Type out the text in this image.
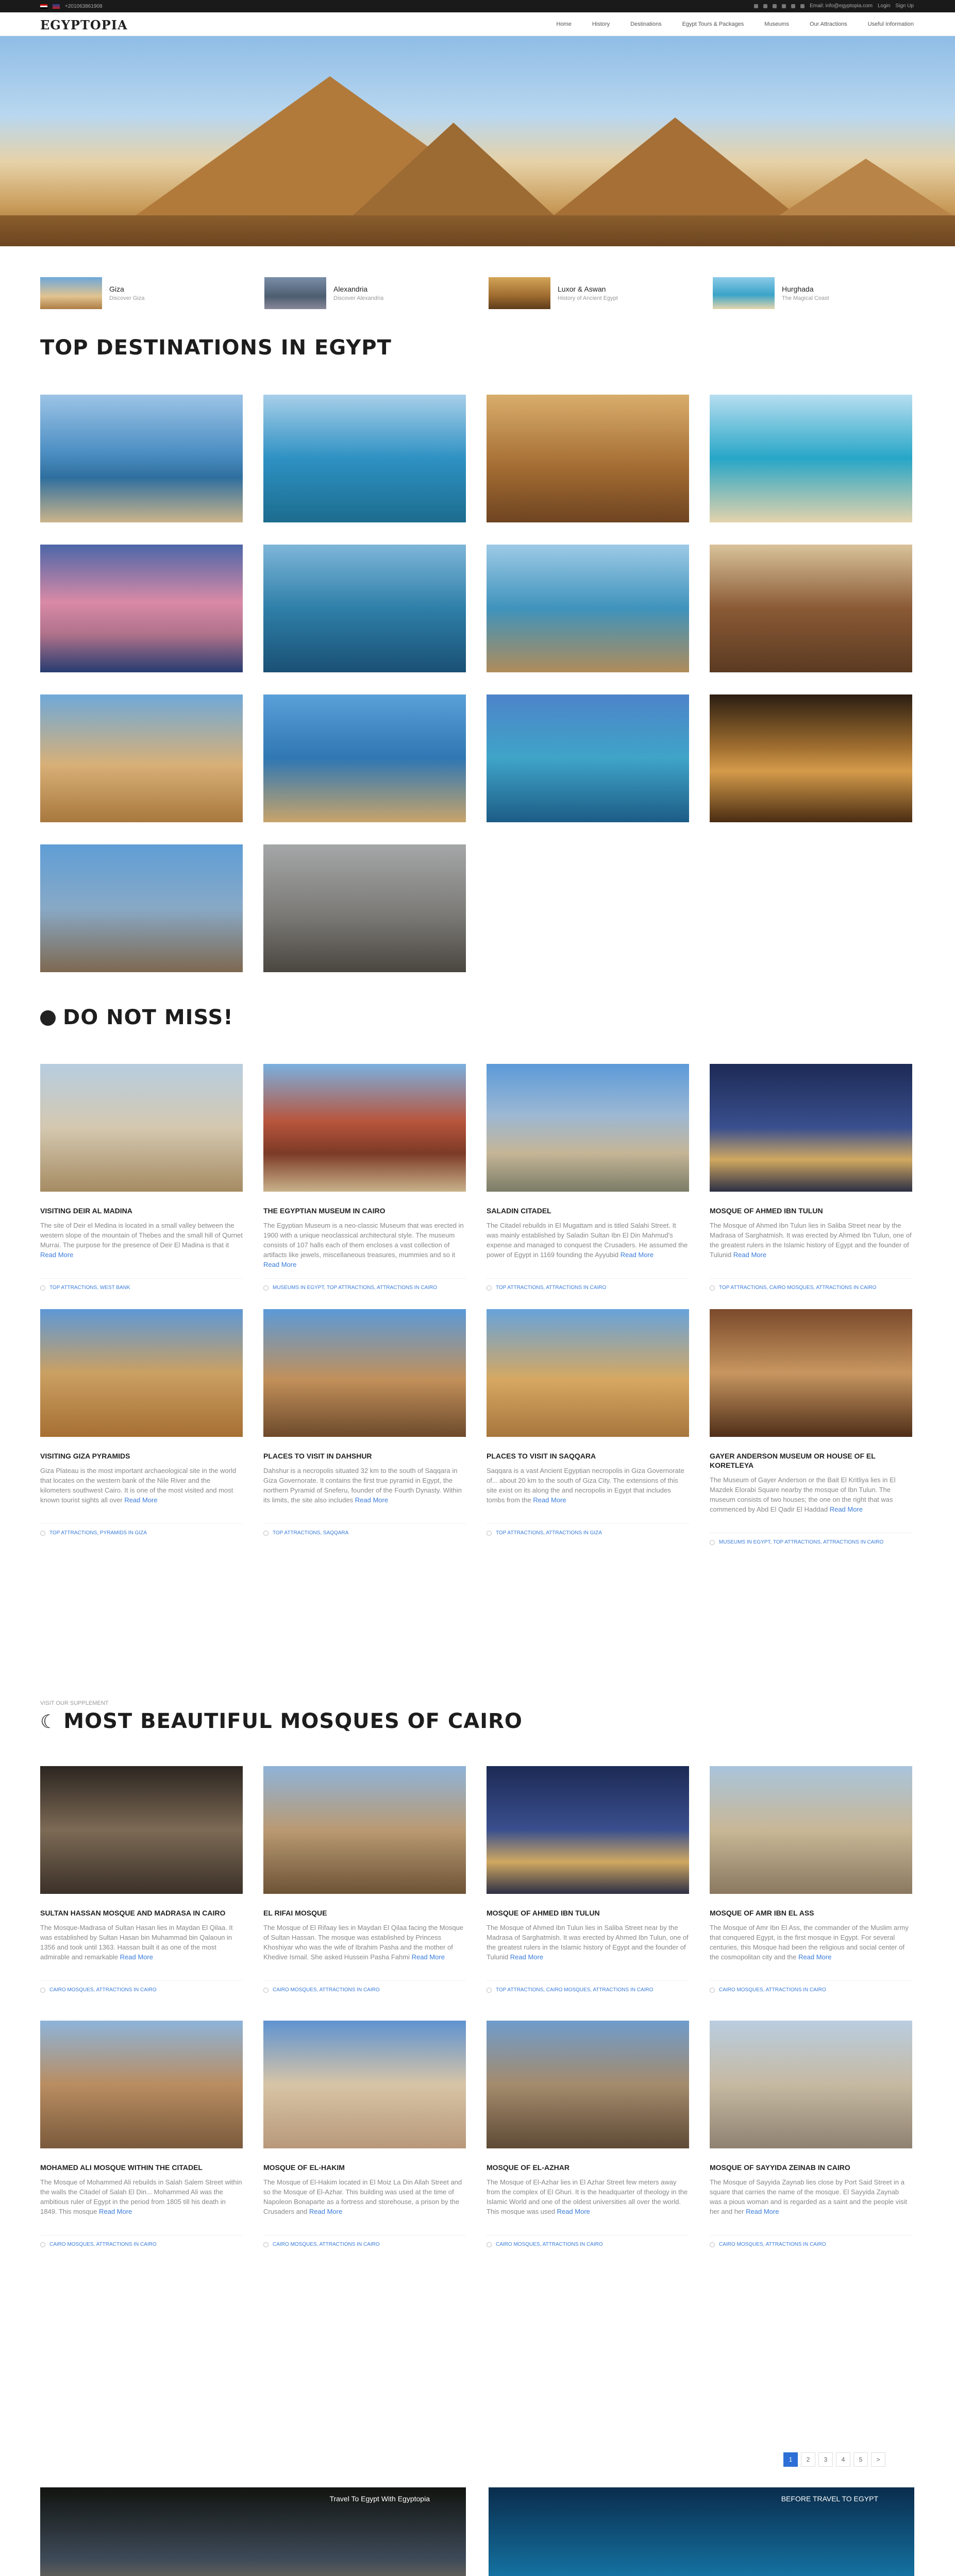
+201063861908	Email: info@egyptopia.com Login Sign Up
EGYPTOPIA	Home	History	Destinations	Egypt Tours & Packages	Museums	Our Attractions	Useful Information
Giza
Discover Giza
Alexandria
Discover Alexandria
Luxor & Aswan
History of Ancient Egypt
Hurghada
The Magical Coast
TOP DESTINATIONS IN EGYPT
DO NOT MISS!
VISITING DEIR AL MADINA

The site of Deir el Medina is located in a small valley between the western slope of the mountain of Thebes and the small hill of Qurnet Murrai. The purpose for the presence of Deir El Madina is that it Read More

TOP ATTRACTIONS, WEST BANK
THE EGYPTIAN MUSEUM IN CAIRO

The Egyptian Museum is a neo-classic Museum that was erected in 1900 with a unique neoclassical architectural style. The museum consists of 107 halls each of them encloses a vast collection of artifacts like jewels, miscellaneous treasures, mummies and so it Read More

MUSEUMS IN EGYPT, TOP ATTRACTIONS, ATTRACTIONS IN CAIRO
SALADIN CITADEL

The Citadel rebuilds in El Mugattam and is titled Salahi Street. It was mainly established by Saladin Sultan Ibn El Din Mahmud's expense and managed to conquest the Crusaders. He assumed the power of Egypt in 1169 founding the Ayyubid Read More

TOP ATTRACTIONS, ATTRACTIONS IN CAIRO
MOSQUE OF AHMED IBN TULUN

The Mosque of Ahmed Ibn Tulun lies in Saliba Street near by the Madrasa of Sarghatmish. It was erected by Ahmed Ibn Tulun, one of the greatest rulers in the Islamic history of Egypt and the founder of Tulunid Read More

TOP ATTRACTIONS, CAIRO MOSQUES, ATTRACTIONS IN CAIRO
VISITING GIZA PYRAMIDS

Giza Plateau is the most important archaeological site in the world that locates on the western bank of the Nile River and the kilometers southwest Cairo. It is one of the most visited and most known tourist sights all over Read More

TOP ATTRACTIONS, PYRAMIDS IN GIZA
PLACES TO VISIT IN DAHSHUR

Dahshur is a necropolis situated 32 km to the south of Saqqara in Giza Governorate. It contains the first true pyramid in Egypt, the northern Pyramid of Sneferu, founder of the Fourth Dynasty. Within its limits, the site also includes Read More

TOP ATTRACTIONS, SAQQARA
PLACES TO VISIT IN SAQQARA

Saqqara is a vast Ancient Egyptian necropolis in Giza Governorate of... about 20 km to the south of Giza City. The extensions of this site exist on its along the and necropolis in Egypt that includes tombs from the Read More

TOP ATTRACTIONS, ATTRACTIONS IN GIZA
GAYER ANDERSON MUSEUM OR HOUSE OF EL KORETLEYA

The Museum of Gayer Anderson or the Bait El Kritliya lies in El Mazdek Elorabi Square nearby the mosque of Ibn Tulun. The museum consists of two houses; the one on the right that was commenced by Abd El Qadir El Haddad Read More

MUSEUMS IN EGYPT, TOP ATTRACTIONS, ATTRACTIONS IN CAIRO
VISIT OUR SUPPLEMENT
☾ MOST BEAUTIFUL MOSQUES OF CAIRO
SULTAN HASSAN MOSQUE AND MADRASA IN CAIRO

The Mosque-Madrasa of Sultan Hasan lies in Maydan El Qilaa. It was established by Sultan Hasan bin Muhammad bin Qalaoun in 1356 and took until 1363. Hassan built it as one of the most admirable and remarkable Read More

CAIRO MOSQUES, ATTRACTIONS IN CAIRO
EL RIFAI MOSQUE

The Mosque of El Rifaay lies in Maydan El Qilaa facing the Mosque of Sultan Hassan. The mosque was established by Princess Khoshiyar who was the wife of Ibrahim Pasha and the mother of Khedive Ismail. She asked Hussein Pasha Fahmi Read More

CAIRO MOSQUES, ATTRACTIONS IN CAIRO
MOSQUE OF AHMED IBN TULUN

The Mosque of Ahmed Ibn Tulun lies in Saliba Street near by the Madrasa of Sarghatmish. It was erected by Ahmed Ibn Tulun, one of the greatest rulers in the Islamic history of Egypt and the founder of Tulunid Read More

TOP ATTRACTIONS, CAIRO MOSQUES, ATTRACTIONS IN CAIRO
MOSQUE OF AMR IBN EL ASS

The Mosque of Amr Ibn El Ass, the commander of the Muslim army that conquered Egypt, is the first mosque in Egypt. For several centuries, this Mosque had been the religious and social center of the cosmopolitan city and the Read More

CAIRO MOSQUES, ATTRACTIONS IN CAIRO
MOHAMED ALI MOSQUE WITHIN THE CITADEL

The Mosque of Mohammed Ali rebuilds in Salah Salem Street within the walls the Citadel of Salah El Din... Mohammed Ali was the ambitious ruler of Egypt in the period from 1805 till his death in 1849. This mosque Read More

CAIRO MOSQUES, ATTRACTIONS IN CAIRO
MOSQUE OF EL-HAKIM

The Mosque of El-Hakim located in El Moiz La Din Allah Street and so the Mosque of El-Azhar. This building was used at the time of Napoleon Bonaparte as a fortress and storehouse, a prison by the Crusaders and Read More

CAIRO MOSQUES, ATTRACTIONS IN CAIRO
MOSQUE OF EL-AZHAR

The Mosque of El-Azhar lies in El Azhar Street few meters away from the complex of El Ghuri. It is the headquarter of theology in the Islamic World and one of the oldest universities all over the world. This mosque was used Read More

CAIRO MOSQUES, ATTRACTIONS IN CAIRO
MOSQUE OF SAYYIDA ZEINAB IN CAIRO

The Mosque of Sayyida Zaynab lies close by Port Said Street in a square that carries the name of the mosque. El Sayyida Zaynab was a pious woman and is regarded as a saint and the people visit her and her Read More

CAIRO MOSQUES, ATTRACTIONS IN CAIRO
1	2	3	4	5	>
Travel To Egypt With Egyptopia	BEFORE TRAVEL TO EGYPT
